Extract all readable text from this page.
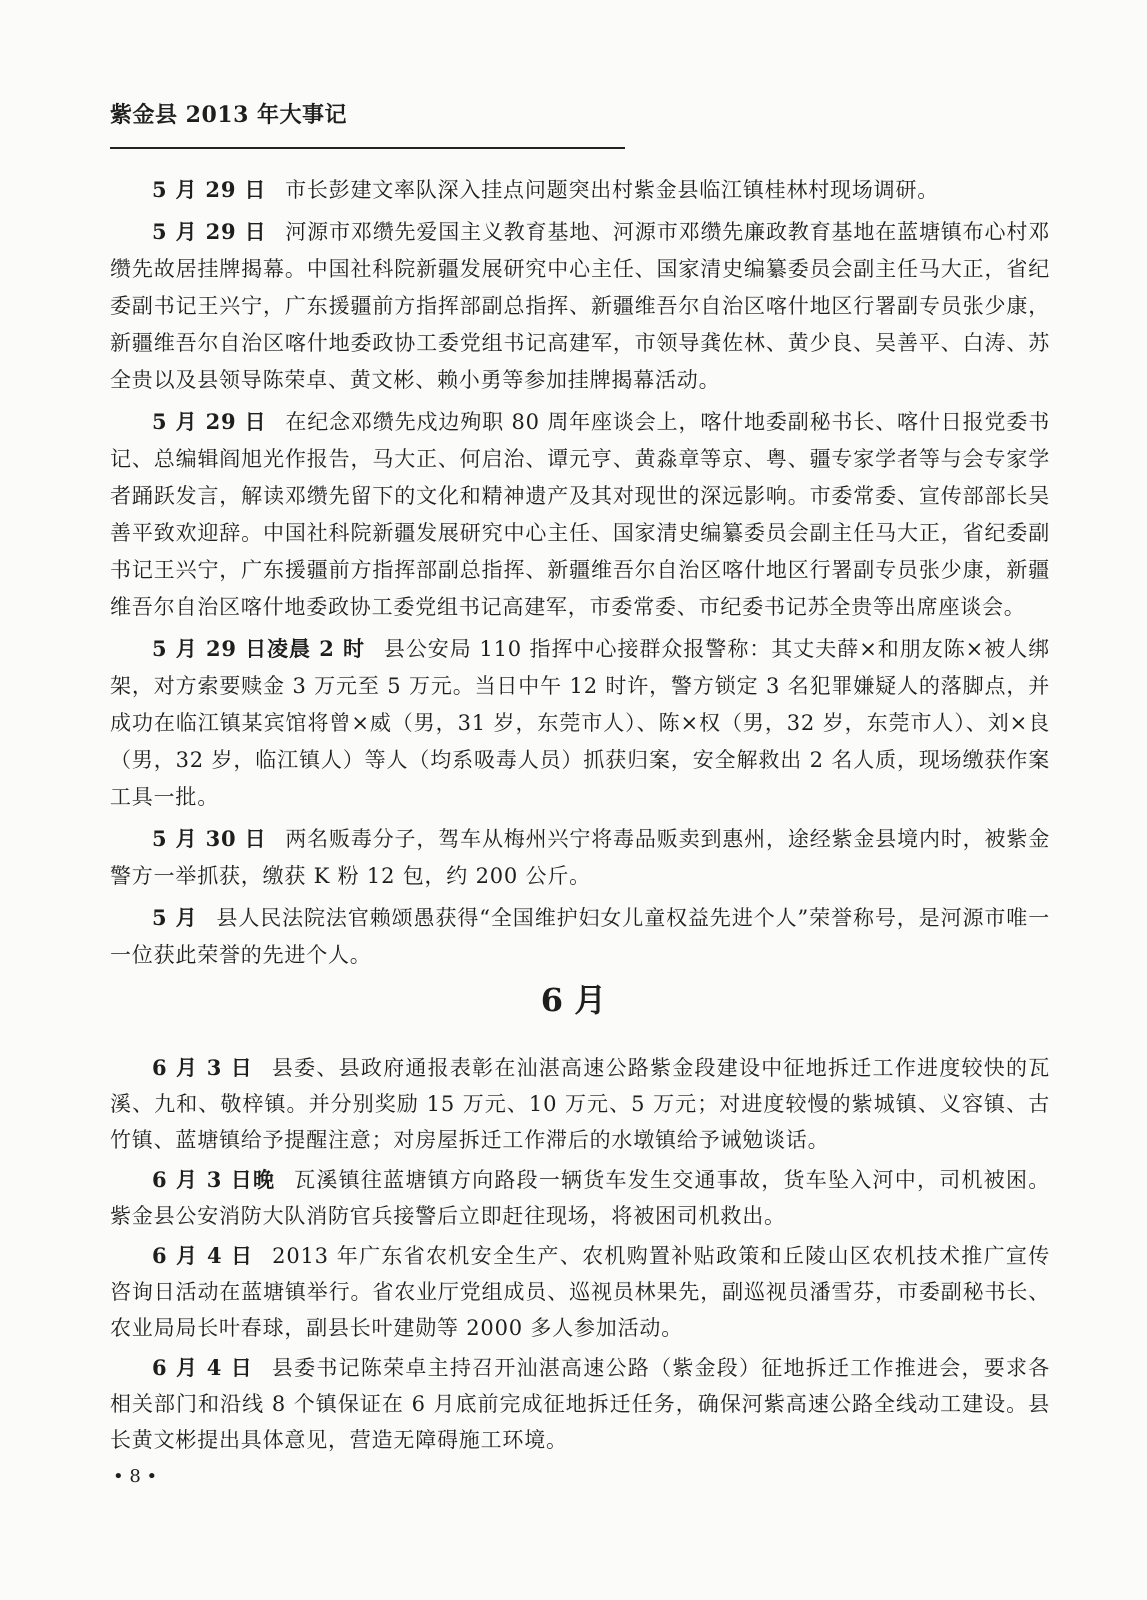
紫金县 2013 年大事记

5 月 29 日 市长彭建文率队深入挂点问题突出村紫金县临江镇桂林村现场调研。

5 月 29 日 河源市邓缵先爱国主义教育基地、河源市邓缵先廉政教育基地在蓝塘镇布心村邓缵先故居挂牌揭幕。中国社科院新疆发展研究中心主任、国家清史编纂委员会副主任马大正，省纪委副书记王兴宁，广东援疆前方指挥部副总指挥、新疆维吾尔自治区喀什地区行署副专员张少康，新疆维吾尔自治区喀什地委政协工委党组书记高建军，市领导龚佐林、黄少良、吴善平、白涛、苏全贵以及县领导陈荣卓、黄文彬、赖小勇等参加挂牌揭幕活动。

5 月 29 日 在纪念邓缵先戍边殉职 80 周年座谈会上，喀什地委副秘书长、喀什日报党委书记、总编辑阎旭光作报告，马大正、何启治、谭元亨、黄淼章等京、粤、疆专家学者等与会专家学者踊跃发言，解读邓缵先留下的文化和精神遗产及其对现世的深远影响。市委常委、宣传部部长吴善平致欢迎辞。中国社科院新疆发展研究中心主任、国家清史编纂委员会副主任马大正，省纪委副书记王兴宁，广东援疆前方指挥部副总指挥、新疆维吾尔自治区喀什地区行署副专员张少康，新疆维吾尔自治区喀什地委政协工委党组书记高建军，市委常委、市纪委书记苏全贵等出席座谈会。

5 月 29 日凌晨 2 时 县公安局 110 指挥中心接群众报警称：其丈夫薛×和朋友陈×被人绑架，对方索要赎金 3 万元至 5 万元。当日中午 12 时许，警方锁定 3 名犯罪嫌疑人的落脚点，并成功在临江镇某宾馆将曾×威（男，31 岁，东莞市人）、陈×权（男，32 岁，东莞市人）、刘×良（男，32 岁，临江镇人）等人（均系吸毒人员）抓获归案，安全解救出 2 名人质，现场缴获作案工具一批。

5 月 30 日 两名贩毒分子，驾车从梅州兴宁将毒品贩卖到惠州，途经紫金县境内时，被紫金警方一举抓获，缴获 K 粉 12 包，约 200 公斤。

5 月 县人民法院法官赖颂愚获得“全国维护妇女儿童权益先进个人”荣誉称号，是河源市唯一一位获此荣誉的先进个人。

6 月

6 月 3 日 县委、县政府通报表彰在汕湛高速公路紫金段建设中征地拆迁工作进度较快的瓦溪、九和、敬梓镇。并分别奖励 15 万元、10 万元、5 万元；对进度较慢的紫城镇、义容镇、古竹镇、蓝塘镇给予提醒注意；对房屋拆迁工作滞后的水墩镇给予诫勉谈话。

6 月 3 日晚 瓦溪镇往蓝塘镇方向路段一辆货车发生交通事故，货车坠入河中，司机被困。紫金县公安消防大队消防官兵接警后立即赶往现场，将被困司机救出。

6 月 4 日 2013 年广东省农机安全生产、农机购置补贴政策和丘陵山区农机技术推广宣传咨询日活动在蓝塘镇举行。省农业厅党组成员、巡视员林果先，副巡视员潘雪芬，市委副秘书长、农业局局长叶春球，副县长叶建勋等 2000 多人参加活动。

6 月 4 日 县委书记陈荣卓主持召开汕湛高速公路（紫金段）征地拆迁工作推进会，要求各相关部门和沿线 8 个镇保证在 6 月底前完成征地拆迁任务，确保河紫高速公路全线动工建设。县长黄文彬提出具体意见，营造无障碍施工环境。

• 8 •
